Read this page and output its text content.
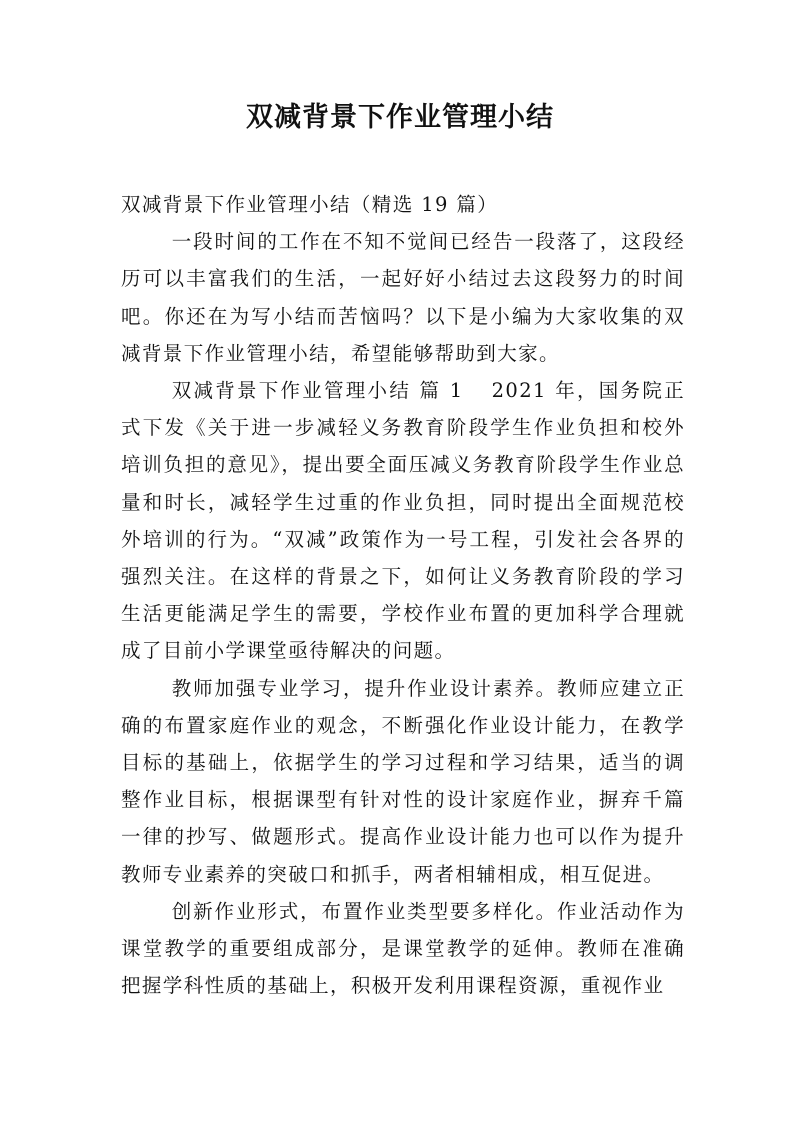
双减背景下作业管理小结

双减背景下作业管理小结（精选 19 篇）

一段时间的工作在不知不觉间已经告一段落了，这段经历可以丰富我们的生活，一起好好小结过去这段努力的时间吧。你还在为写小结而苦恼吗？以下是小编为大家收集的双减背景下作业管理小结，希望能够帮助到大家。

双减背景下作业管理小结 篇 1 2021 年，国务院正式下发《关于进一步减轻义务教育阶段学生作业负担和校外培训负担的意见》，提出要全面压减义务教育阶段学生作业总量和时长，减轻学生过重的作业负担，同时提出全面规范校外培训的行为。“双减”政策作为一号工程，引发社会各界的强烈关注。在这样的背景之下，如何让义务教育阶段的学习生活更能满足学生的需要，学校作业布置的更加科学合理就成了目前小学课堂亟待解决的问题。

教师加强专业学习，提升作业设计素养。教师应建立正确的布置家庭作业的观念，不断强化作业设计能力，在教学目标的基础上，依据学生的学习过程和学习结果，适当的调整作业目标，根据课型有针对性的设计家庭作业，摒弃千篇一律的抄写、做题形式。提高作业设计能力也可以作为提升教师专业素养的突破口和抓手，两者相辅相成，相互促进。

创新作业形式，布置作业类型要多样化。作业活动作为课堂教学的重要组成部分，是课堂教学的延伸。教师在准确把握学科性质的基础上，积极开发利用课程资源，重视作业
